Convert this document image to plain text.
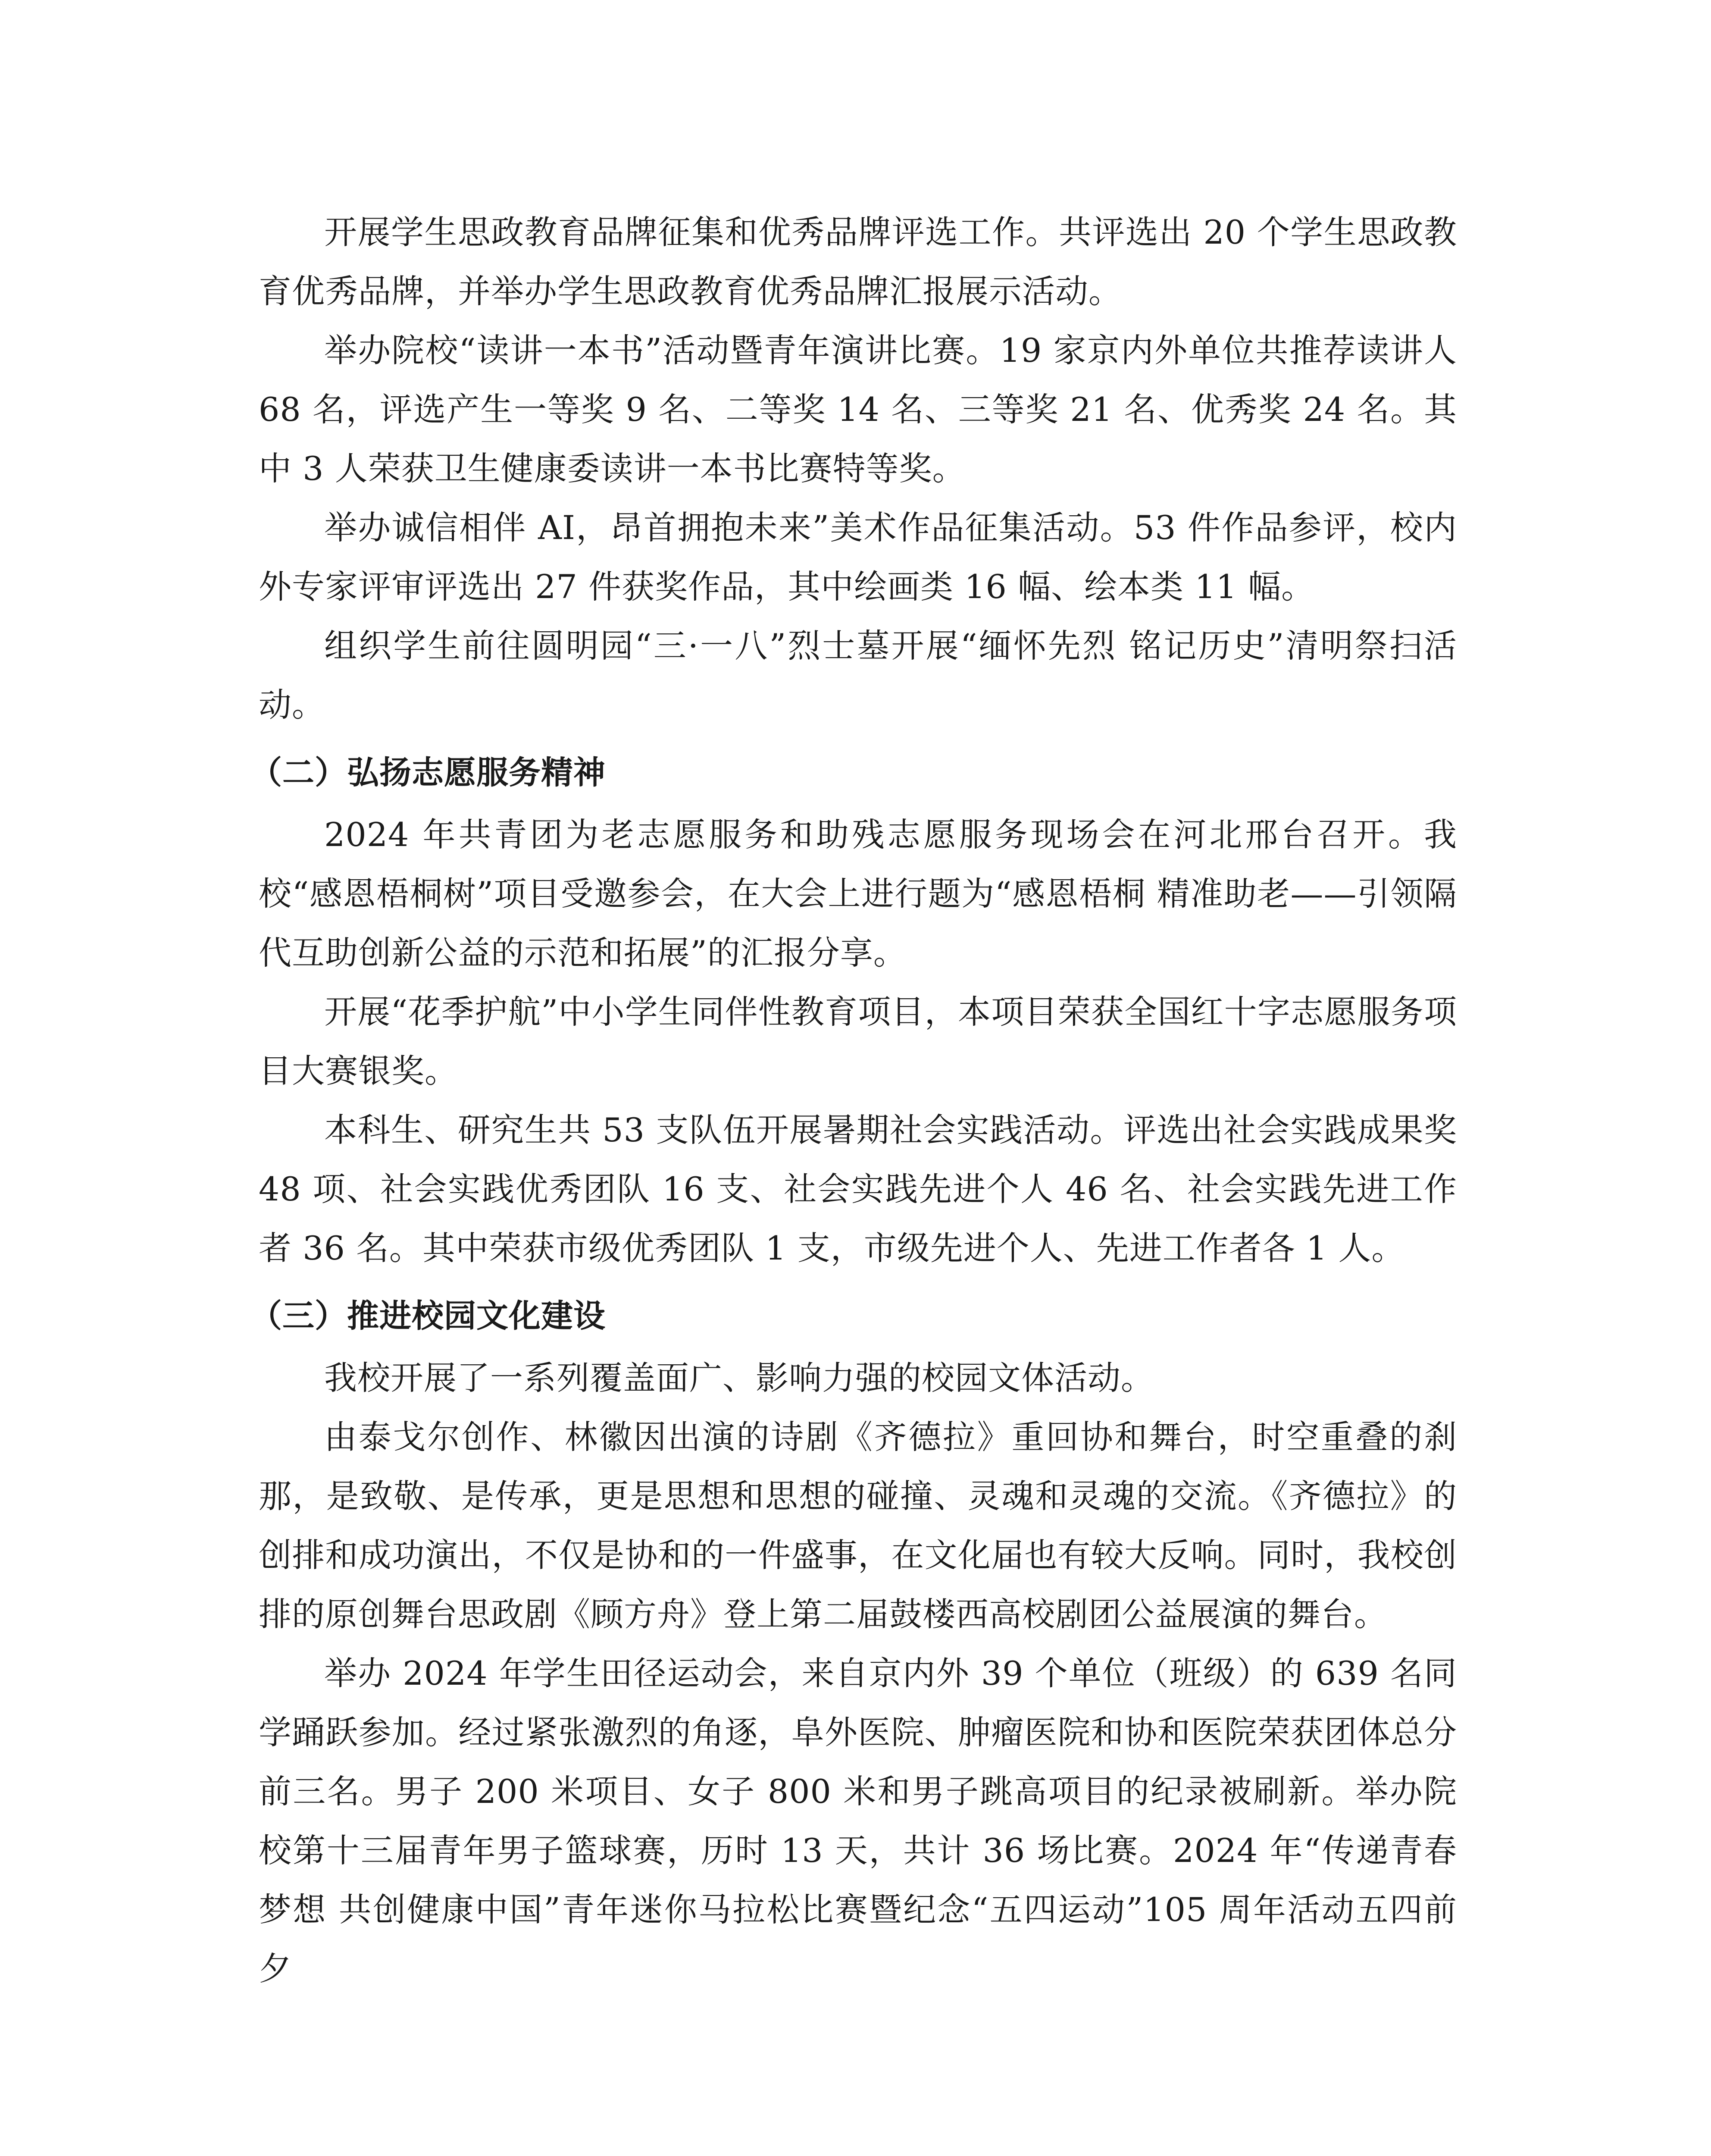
开展学生思政教育品牌征集和优秀品牌评选工作。共评选出 20 个学生思政教育优秀品牌，并举办学生思政教育优秀品牌汇报展示活动。

举办院校“读讲一本书”活动暨青年演讲比赛。19 家京内外单位共推荐读讲人 68 名，评选产生一等奖 9 名、二等奖 14 名、三等奖 21 名、优秀奖 24 名。其中 3 人荣获卫生健康委读讲一本书比赛特等奖。

举办诚信相伴 AI，昂首拥抱未来”美术作品征集活动。53 件作品参评，校内外专家评审评选出 27 件获奖作品，其中绘画类 16 幅、绘本类 11 幅。

组织学生前往圆明园“三·一八”烈士墓开展“缅怀先烈 铭记历史”清明祭扫活动。

（二）弘扬志愿服务精神

2024 年共青团为老志愿服务和助残志愿服务现场会在河北邢台召开。我校“感恩梧桐树”项目受邀参会，在大会上进行题为“感恩梧桐 精准助老——引领隔代互助创新公益的示范和拓展”的汇报分享。

开展“花季护航”中小学生同伴性教育项目，本项目荣获全国红十字志愿服务项目大赛银奖。

本科生、研究生共 53 支队伍开展暑期社会实践活动。评选出社会实践成果奖 48 项、社会实践优秀团队 16 支、社会实践先进个人 46 名、社会实践先进工作者 36 名。其中荣获市级优秀团队 1 支，市级先进个人、先进工作者各 1 人。

（三）推进校园文化建设

我校开展了一系列覆盖面广、影响力强的校园文体活动。

由泰戈尔创作、林徽因出演的诗剧《齐德拉》重回协和舞台，时空重叠的刹那，是致敬、是传承，更是思想和思想的碰撞、灵魂和灵魂的交流。《齐德拉》的创排和成功演出，不仅是协和的一件盛事，在文化届也有较大反响。同时，我校创排的原创舞台思政剧《顾方舟》登上第二届鼓楼西高校剧团公益展演的舞台。

举办 2024 年学生田径运动会，来自京内外 39 个单位（班级）的 639 名同学踊跃参加。经过紧张激烈的角逐，阜外医院、肿瘤医院和协和医院荣获团体总分前三名。男子 200 米项目、女子 800 米和男子跳高项目的纪录被刷新。举办院校第十三届青年男子篮球赛，历时 13 天，共计 36 场比赛。2024 年“传递青春梦想 共创健康中国”青年迷你马拉松比赛暨纪念“五四运动”105 周年活动五四前夕
